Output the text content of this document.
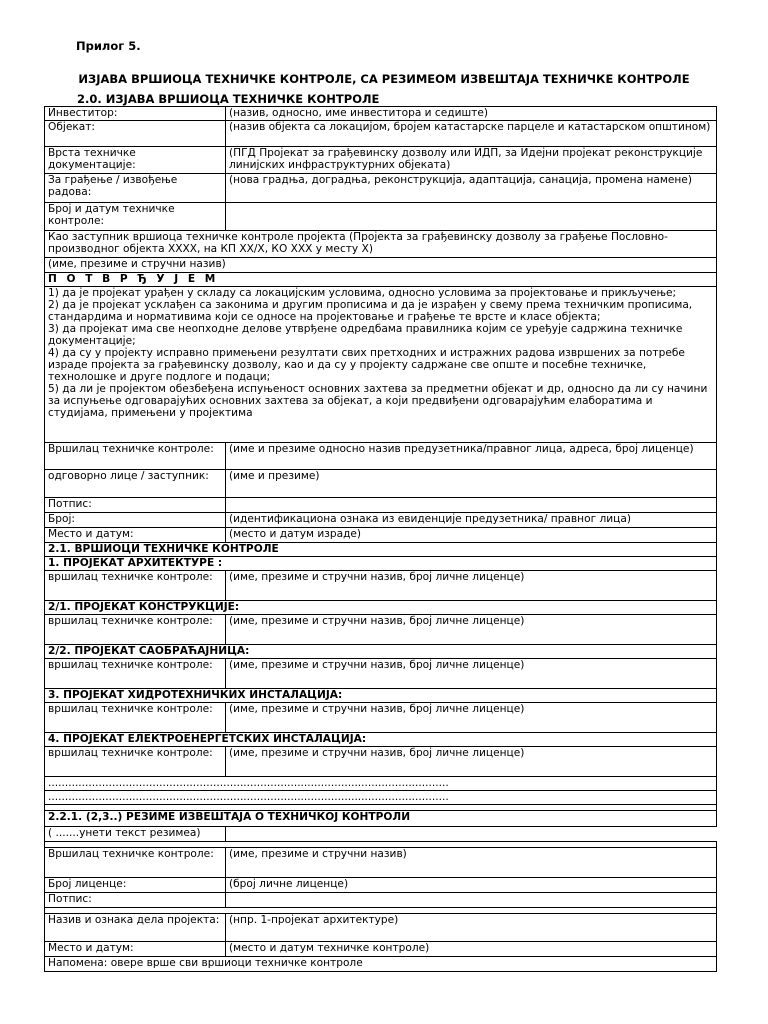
Прилог 5.
ИЗЈАВА ВРШИОЦА ТЕХНИЧКЕ КОНТРОЛЕ, СА РЕЗИМЕОМ ИЗВЕШТАЈА ТЕХНИЧКЕ КОНТРОЛЕ
2.0. ИЗЈАВА ВРШИОЦА ТЕХНИЧКЕ КОНТРОЛЕ
Инвеститор:	(назив, односно, име инвеститора и седиште)
Објекат:	(назив објекта са локацијом, бројем катастарске парцеле и катастарском општином)
Врста техничке документације:	(ПГД Пројекат за грађевинску дозволу или ИДП, за Идејни пројекат реконструкције линијских инфраструктурних објеката)
За грађење / извођење радова:	(нова градња, доградња, реконструкција, адаптација, санација, промена намене)
Број и датум техничке контроле:	
Као заступник вршиоца техничке контроле пројекта (Пројекта за грађевинску дозволу за грађење Пословно-производног објекта XXXX, на КП XX/X, КО XXX у месту X)	
(име, презиме и стручни назив)	
П О Т В Р Ђ У Ј Е М	

1) да је пројекат урађен у складу са локацијским условима, односно условима за пројектовање и прикључење;
2) да је пројекат усклађен са законима и другим прописима и да је израђен у свему према техничким прописима, стандардима и нормативима који се односе на пројектовање и грађење те врсте и класе објекта;
3) да пројекат има све неопходне делове утврђене одредбама правилника којим се уређује садржина техничке документације;
4) да су у пројекту исправно примењени резултати свих претходних и истражних радова извршених за потребе израде пројекта за грађевинску дозволу, као и да су у пројекту садржане све опште и посебне техничке, технолошке и друге подлоге и подаци;
5) да ли је пројектом обезбеђена испуњеност основних захтева за предметни објекат и др, односно да ли су начини за испуњење одговарајућих основних захтева за објекат, а који предвиђени одговарајућим елаборатима и студијама, примењени у пројектима	

Вршилац техничке контроле:	(име и презиме односно назив предузетника/правног лица, адреса, број лиценце)
одговорно лице / заступник:	(име и презиме)
Потпис:	
Број:	(идентификациона ознака из евиденције предузетника/ правног лица)
Место и датум:	(место и датум израде)
2.1. ВРШИОЦИ ТЕХНИЧКЕ КОНТРОЛЕ	
1. ПРОЈЕКАТ АРХИТЕКТУРЕ :	
вршилац техничке контроле:	(име, презиме и стручни назив, број личне лиценце)
2/1. ПРОЈЕКАТ КОНСТРУКЦИЈЕ:	
вршилац техничке контроле:	(име, презиме и стручни назив, број личне лиценце)
2/2. ПРОЈЕКАТ САОБРАЋАЈНИЦА:	
вршилац техничке контроле:	(име, презиме и стручни назив, број личне лиценце)
3. ПРОЈЕКАТ ХИДРОТЕХНИЧКИХ ИНСТАЛАЦИЈА:	
вршилац техничке контроле:	(име, презиме и стручни назив, број личне лиценце)
4. ПРОЈЕКАТ ЕЛЕКТРОЕНЕРГЕТСКИХ ИНСТАЛАЦИЈА:	
вршилац техничке контроле:	(име, презиме и стручни назив, број личне лиценце)
.......................................................................................................................	
.......................................................................................................................	

2.2.1. (2,3..) РЕЗИМЕ ИЗВЕШТАЈА О ТЕХНИЧКОЈ КОНТРОЛИ	
( .......унети текст резимеа)	

Вршилац техничке контроле:	(име, презиме и стручни назив)
Број лиценце:	(број личне лиценце)
Потпис:	

Назив и ознака дела пројекта:	(нпр. 1-пројекат архитектуре)
Место и датум:	(место и датум техничке контроле)
Напомена: овере врше сви вршиоци техничке контроле	
